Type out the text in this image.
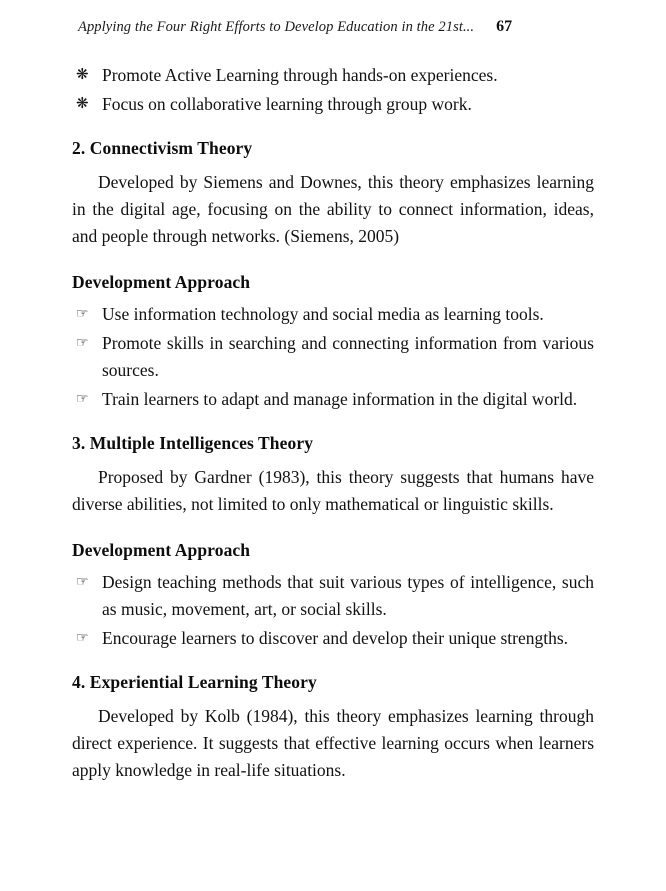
Applying the Four Right Efforts to Develop Education in the 21st... 67
❋ Promote Active Learning through hands-on experiences.
❋ Focus on collaborative learning through group work.
2. Connectivism Theory

Developed by Siemens and Downes, this theory emphasizes learning in the digital age, focusing on the ability to connect information, ideas, and people through networks. (Siemens, 2005)

Development Approach
☞ Use information technology and social media as learning tools.
☞ Promote skills in searching and connecting information from various sources.
☞ Train learners to adapt and manage information in the digital world.
3. Multiple Intelligences Theory

Proposed by Gardner (1983), this theory suggests that humans have diverse abilities, not limited to only mathematical or linguistic skills.

Development Approach
☞ Design teaching methods that suit various types of intelligence, such as music, movement, art, or social skills.
☞ Encourage learners to discover and develop their unique strengths.
4. Experiential Learning Theory

Developed by Kolb (1984), this theory emphasizes learning through direct experience. It suggests that effective learning occurs when learners apply knowledge in real-life situations.
